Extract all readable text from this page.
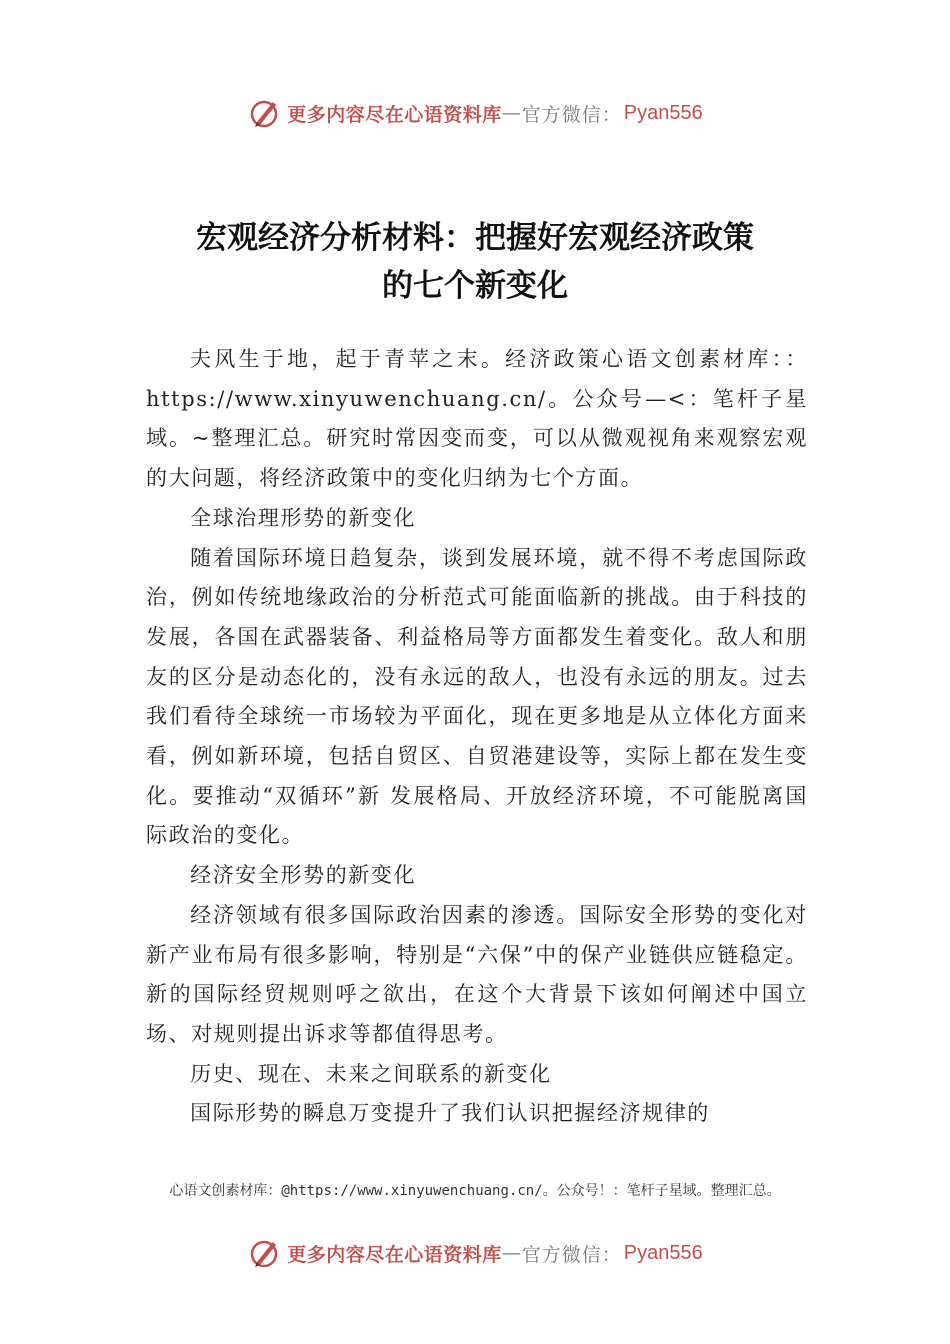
更多内容尽在心语资料库 — 官方微信： Pyan556
宏观经济分析材料：把握好宏观经济政策
的七个新变化

夫风生于地，起于青苹之末。经济政策心语文创素材库：：https://www.xinyuwenchuang.cn/。公众号—<：笔杆子星域。~整理汇总。研究时常因变而变，可以从微观视角来观察宏观的大问题，将经济政策中的变化归纳为七个方面。

全球治理形势的新变化

随着国际环境日趋复杂，谈到发展环境，就不得不考虑国际政治，例如传统地缘政治的分析范式可能面临新的挑战。由于科技的发展，各国在武器装备、利益格局等方面都发生着变化。敌人和朋友的区分是动态化的，没有永远的敌人，也没有永远的朋友。过去我们看待全球统一市场较为平面化，现在更多地是从立体化方面来看，例如新环境，包括自贸区、自贸港建设等，实际上都在发生变化。要推动“双循环”新 发展格局、开放经济环境，不可能脱离国际政治的变化。

经济安全形势的新变化

经济领域有很多国际政治因素的渗透。国际安全形势的变化对新产业布局有很多影响，特别是“六保”中的保产业链供应链稳定。新的国际经贸规则呼之欲出，在这个大背景下该如何阐述中国立场、对规则提出诉求等都值得思考。

历史、现在、未来之间联系的新变化

国际形势的瞬息万变提升了我们认识把握经济规律的

心语文创素材库：@https://www.xinyuwenchuang.cn/。公众号！：笔杆子星域。整理汇总。
更多内容尽在心语资料库 — 官方微信： Pyan556
